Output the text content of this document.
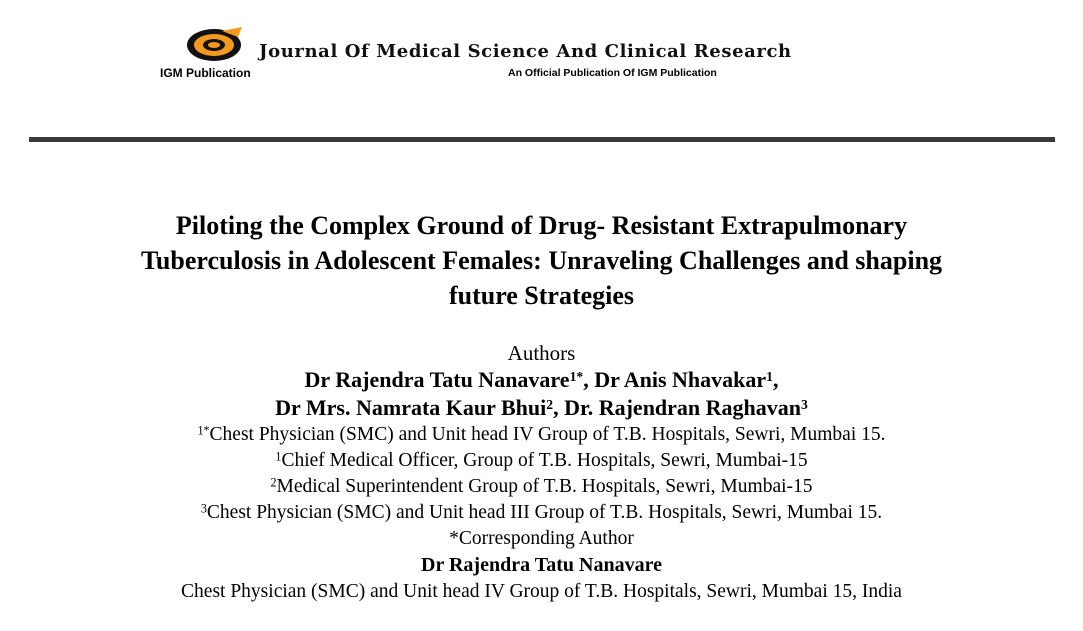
IGM Publication
Journal Of Medical Science And Clinical Research
An Official Publication Of IGM Publication
Piloting the Complex Ground of Drug- Resistant Extrapulmonary
Tuberculosis in Adolescent Females: Unraveling Challenges and shaping
future Strategies
Authors
Dr Rajendra Tatu Nanavare$^{1*}$, Dr Anis Nhavakar$^1$,
Dr Mrs. Namrata Kaur Bhui$^2$, Dr. Rajendran Raghavan$^3$
$^{1*}$Chest Physician (SMC) and Unit head IV Group of T.B. Hospitals, Sewri, Mumbai 15.
$^1$Chief Medical Officer, Group of T.B. Hospitals, Sewri, Mumbai-15
$^2$Medical Superintendent Group of T.B. Hospitals, Sewri, Mumbai-15
$^3$Chest Physician (SMC) and Unit head III Group of T.B. Hospitals, Sewri, Mumbai 15.
*Corresponding Author
Dr Rajendra Tatu Nanavare
Chest Physician (SMC) and Unit head IV Group of T.B. Hospitals, Sewri, Mumbai 15, India
